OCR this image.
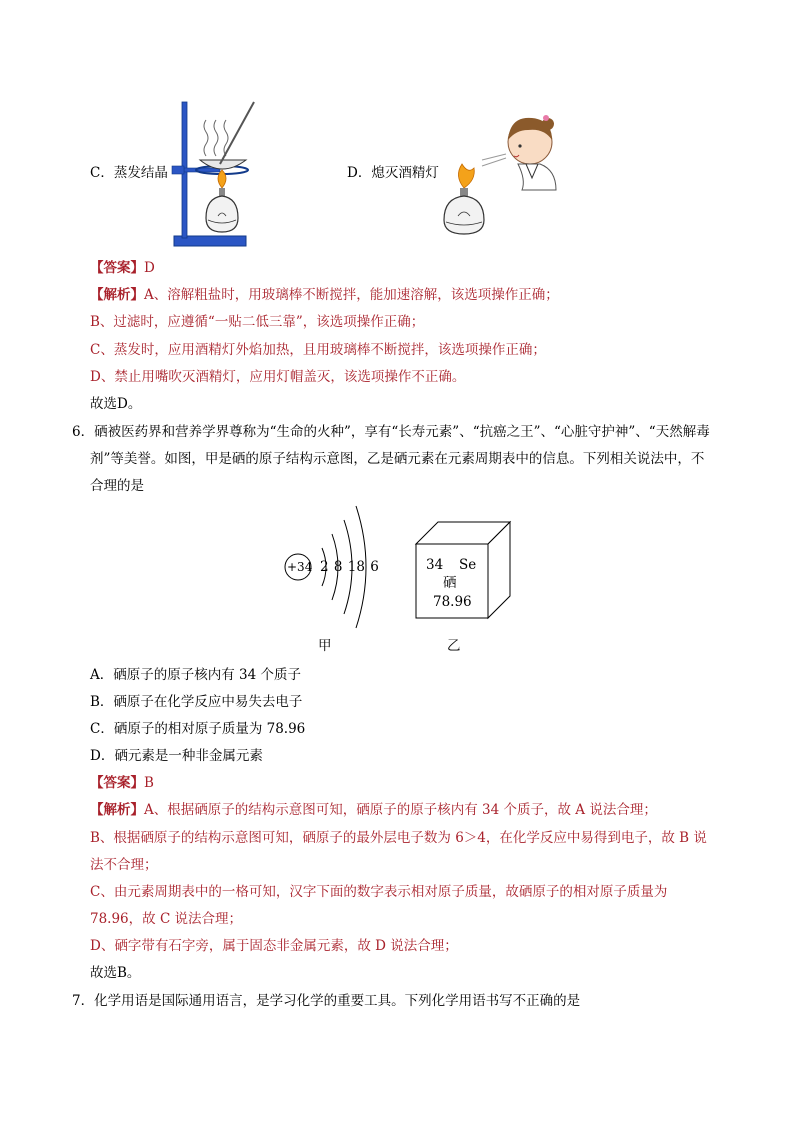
C．蒸发结晶	D．熄灭酒精灯
【答案】D
【解析】A、溶解粗盐时，用玻璃棒不断搅拌，能加速溶解，该选项操作正确；
B、过滤时，应遵循“一贴二低三靠”，该选项操作正确；
C、蒸发时，应用酒精灯外焰加热，且用玻璃棒不断搅拌，该选项操作正确；
D、禁止用嘴吹灭酒精灯，应用灯帽盖灭，该选项操作不正确。
故选D。
6．硒被医药界和营养学界尊称为“生命的火种”，享有“长寿元素”、“抗癌之王”、“心脏守护神”、“天然解毒
剂”等美誉。如图，甲是硒的原子结构示意图，乙是硒元素在元素周期表中的信息。下列相关说法中，不
合理的是
+34 2 8 18 6
甲
34 Se
硒
78.96
乙
A．硒原子的原子核内有 34 个质子
B．硒原子在化学反应中易失去电子
C．硒原子的相对原子质量为 78.96
D．硒元素是一种非金属元素
【答案】B
【解析】A、根据硒原子的结构示意图可知，硒原子的原子核内有 34 个质子，故 A 说法合理；
B、根据硒原子的结构示意图可知，硒原子的最外层电子数为 6＞4，在化学反应中易得到电子，故 B 说
法不合理；
C、由元素周期表中的一格可知，汉字下面的数字表示相对原子质量，故硒原子的相对原子质量为
78.96，故 C 说法合理；
D、硒字带有石字旁，属于固态非金属元素，故 D 说法合理；
故选B。
7．化学用语是国际通用语言，是学习化学的重要工具。下列化学用语书写不正确的是
